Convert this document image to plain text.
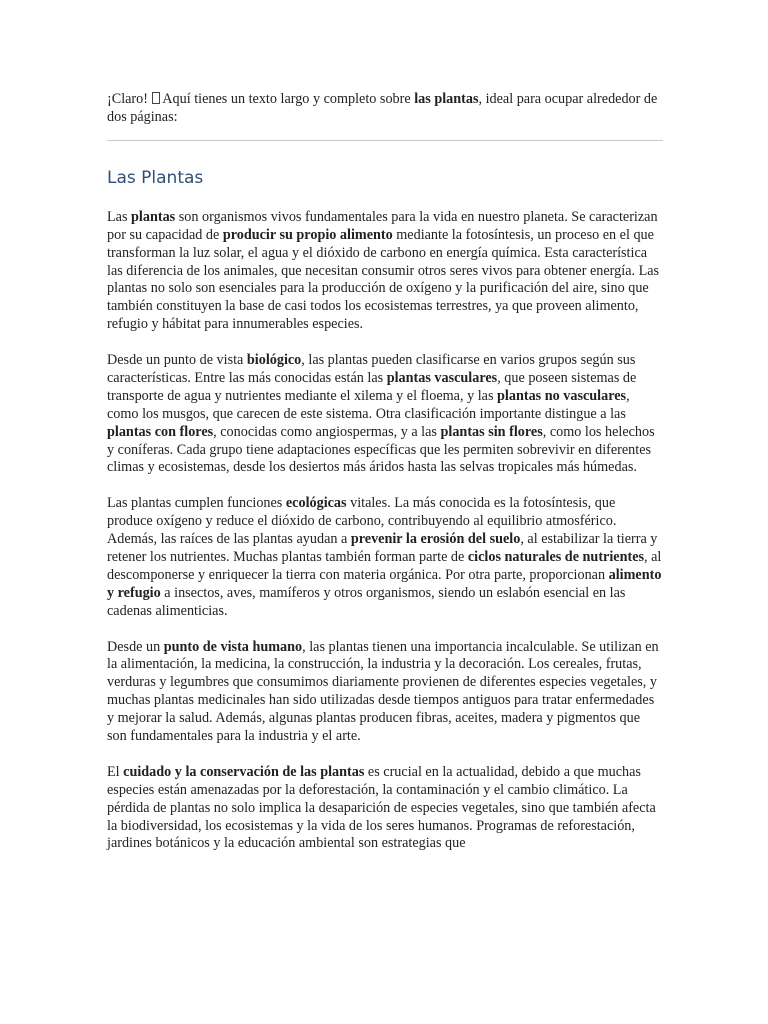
¡Claro!  Aquí tienes un texto largo y completo sobre las plantas, ideal para ocupar alrededor de dos páginas:

Las Plantas

Las plantas son organismos vivos fundamentales para la vida en nuestro planeta. Se caracterizan por su capacidad de producir su propio alimento mediante la fotosíntesis, un proceso en el que transforman la luz solar, el agua y el dióxido de carbono en energía química. Esta característica las diferencia de los animales, que necesitan consumir otros seres vivos para obtener energía. Las plantas no solo son esenciales para la producción de oxígeno y la purificación del aire, sino que también constituyen la base de casi todos los ecosistemas terrestres, ya que proveen alimento, refugio y hábitat para innumerables especies.

Desde un punto de vista biológico, las plantas pueden clasificarse en varios grupos según sus características. Entre las más conocidas están las plantas vasculares, que poseen sistemas de transporte de agua y nutrientes mediante el xilema y el floema, y las plantas no vasculares, como los musgos, que carecen de este sistema. Otra clasificación importante distingue a las plantas con flores, conocidas como angiospermas, y a las plantas sin flores, como los helechos y coníferas. Cada grupo tiene adaptaciones específicas que les permiten sobrevivir en diferentes climas y ecosistemas, desde los desiertos más áridos hasta las selvas tropicales más húmedas.

Las plantas cumplen funciones ecológicas vitales. La más conocida es la fotosíntesis, que produce oxígeno y reduce el dióxido de carbono, contribuyendo al equilibrio atmosférico. Además, las raíces de las plantas ayudan a prevenir la erosión del suelo, al estabilizar la tierra y retener los nutrientes. Muchas plantas también forman parte de ciclos naturales de nutrientes, al descomponerse y enriquecer la tierra con materia orgánica. Por otra parte, proporcionan alimento y refugio a insectos, aves, mamíferos y otros organismos, siendo un eslabón esencial en las cadenas alimenticias.

Desde un punto de vista humano, las plantas tienen una importancia incalculable. Se utilizan en la alimentación, la medicina, la construcción, la industria y la decoración. Los cereales, frutas, verduras y legumbres que consumimos diariamente provienen de diferentes especies vegetales, y muchas plantas medicinales han sido utilizadas desde tiempos antiguos para tratar enfermedades y mejorar la salud. Además, algunas plantas producen fibras, aceites, madera y pigmentos que son fundamentales para la industria y el arte.

El cuidado y la conservación de las plantas es crucial en la actualidad, debido a que muchas especies están amenazadas por la deforestación, la contaminación y el cambio climático. La pérdida de plantas no solo implica la desaparición de especies vegetales, sino que también afecta la biodiversidad, los ecosistemas y la vida de los seres humanos. Programas de reforestación, jardines botánicos y la educación ambiental son estrategias que
